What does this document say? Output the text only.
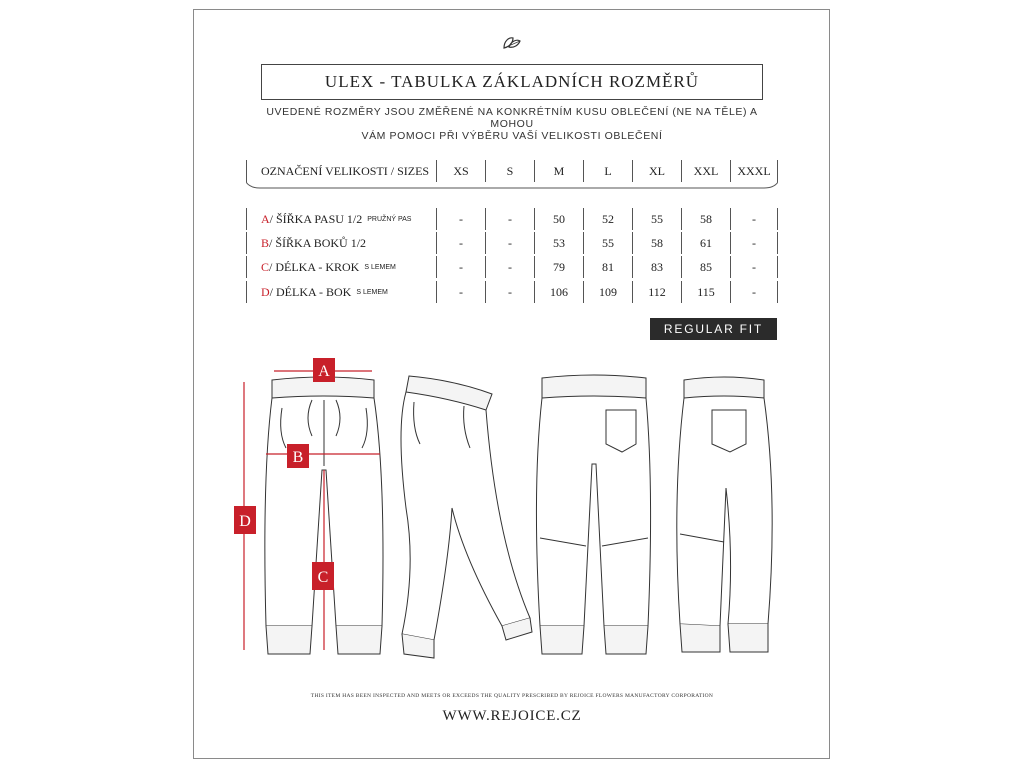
ULEX - TABULKA ZÁKLADNÍCH ROZMĚRŮ
UVEDENÉ ROZMĚRY JSOU ZMĚŘENÉ NA KONKRÉTNÍM KUSU OBLEČENÍ (NE NA TĚLE) A MOHOU
VÁM POMOCI PŘI VÝBĚRU VAŠÍ VELIKOSTI OBLEČENÍ
OZNAČENÍ VELIKOSTI / SIZES	XS	S	M	L	XL	XXL	XXXL
A / ŠÍŘKA PASU 1/2 PRUŽNÝ PAS	-	-	50	52	55	58	-
B / ŠÍŘKA BOKŮ 1/2	-	-	53	55	58	61	-
C / DÉLKA - KROK S LEMEM	-	-	79	81	83	85	-
D / DÉLKA - BOK S LEMEM	-	-	106	109	112	115	-
REGULAR FIT
A
B
D
C
THIS ITEM HAS BEEN INSPECTED AND MEETS OR EXCEEDS THE QUALITY PRESCRIBED BY REJOICE FLOWERS MANUFACTORY CORPORATION
WWW.REJOICE.CZ
